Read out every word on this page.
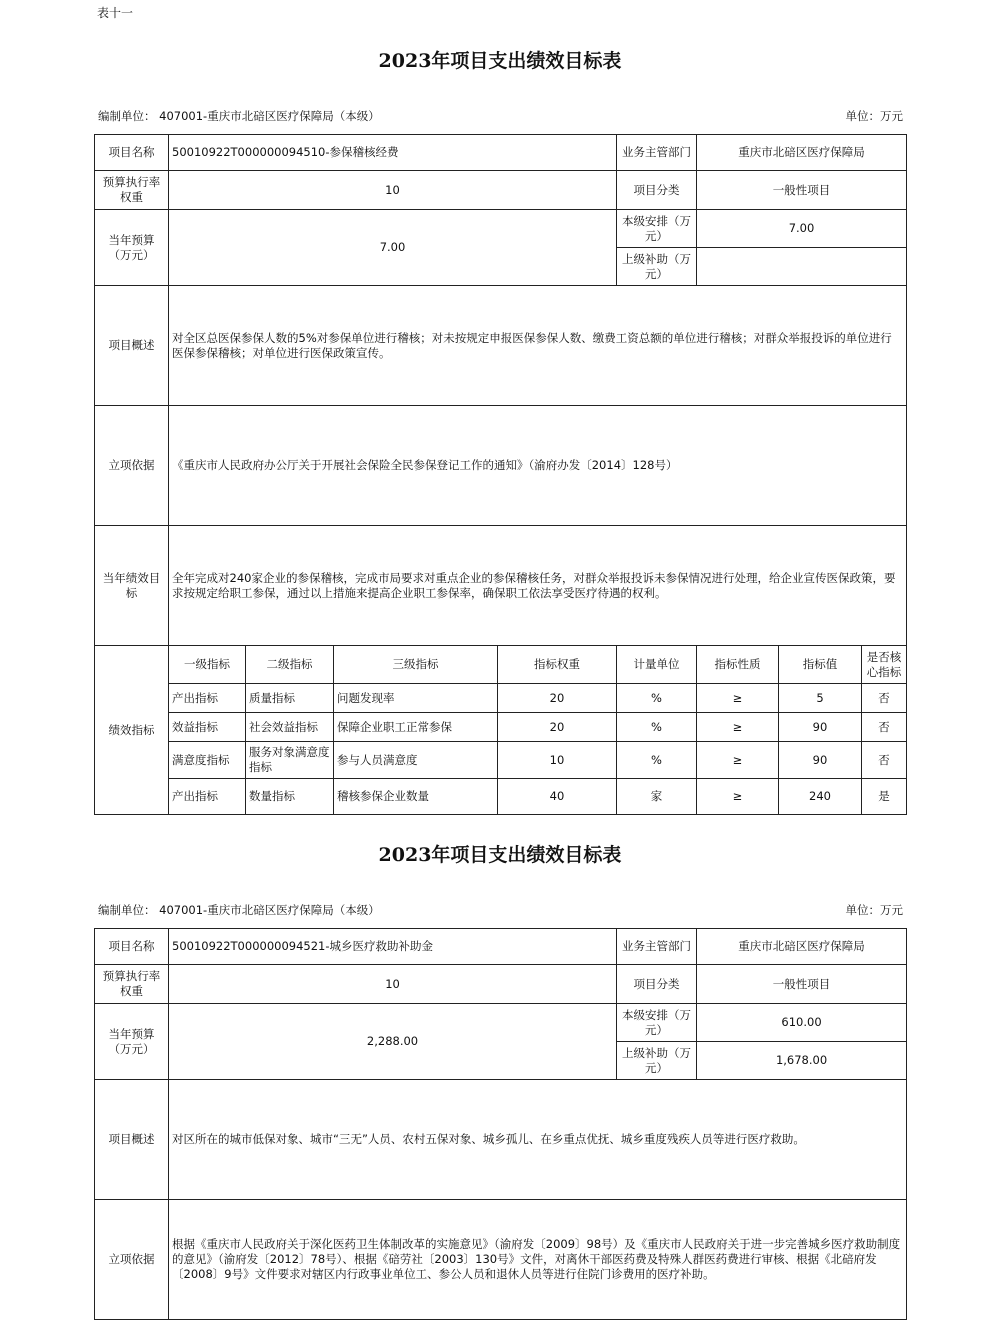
表十一
2023年项目支出绩效目标表
编制单位： 407001-重庆市北碚区医疗保障局（本级）	单位：万元
项目名称	50010922T000000094510-参保稽核经费				业务主管部门	重庆市北碚区医疗保障局		
预算执行率权重	10				项目分类	一般性项目		
当年预算（万元）	7.00				本级安排（万元）	7.00		
					上级补助（万元）			
项目概述	对全区总医保参保人数的5%对参保单位进行稽核；对未按规定申报医保参保人数、缴费工资总额的单位进行稽核；对群众举报投诉的单位进行医保参保稽核；对单位进行医保政策宣传。							
立项依据	《重庆市人民政府办公厅关于开展社会保险全民参保登记工作的通知》（渝府办发〔2014〕128号）							
当年绩效目标	全年完成对240家企业的参保稽核，完成市局要求对重点企业的参保稽核任务，对群众举报投诉未参保情况进行处理，给企业宣传医保政策，要求按规定给职工参保，通过以上措施来提高企业职工参保率，确保职工依法享受医疗待遇的权利。							
绩效指标	一级指标	二级指标	三级指标	指标权重	计量单位	指标性质	指标值	是否核心指标
	产出指标	质量指标	问题发现率	20	%	≥	5	否
	效益指标	社会效益指标	保障企业职工正常参保	20	%	≥	90	否
	满意度指标	服务对象满意度指标	参与人员满意度	10	%	≥	90	否
	产出指标	数量指标	稽核参保企业数量	40	家	≥	240	是
2023年项目支出绩效目标表
编制单位： 407001-重庆市北碚区医疗保障局（本级）	单位：万元
项目名称	50010922T000000094521-城乡医疗救助补助金	业务主管部门	重庆市北碚区医疗保障局
预算执行率权重	10	项目分类	一般性项目
当年预算（万元）	2,288.00	本级安排（万元）	610.00
		上级补助（万元）	1,678.00
项目概述	对区所在的城市低保对象、城市“三无”人员、农村五保对象、城乡孤儿、在乡重点优抚、城乡重度残疾人员等进行医疗救助。		
立项依据	根据《重庆市人民政府关于深化医药卫生体制改革的实施意见》（渝府发〔2009〕98号）及《重庆市人民政府关于进一步完善城乡医疗救助制度的意见》（渝府发〔2012〕78号）、根据《碚劳社〔2003〕130号》文件，对离休干部医药费及特殊人群医药费进行审核、根据《北碚府发〔2008〕9号》文件要求对辖区内行政事业单位工、参公人员和退休人员等进行住院门诊费用的医疗补助。		
